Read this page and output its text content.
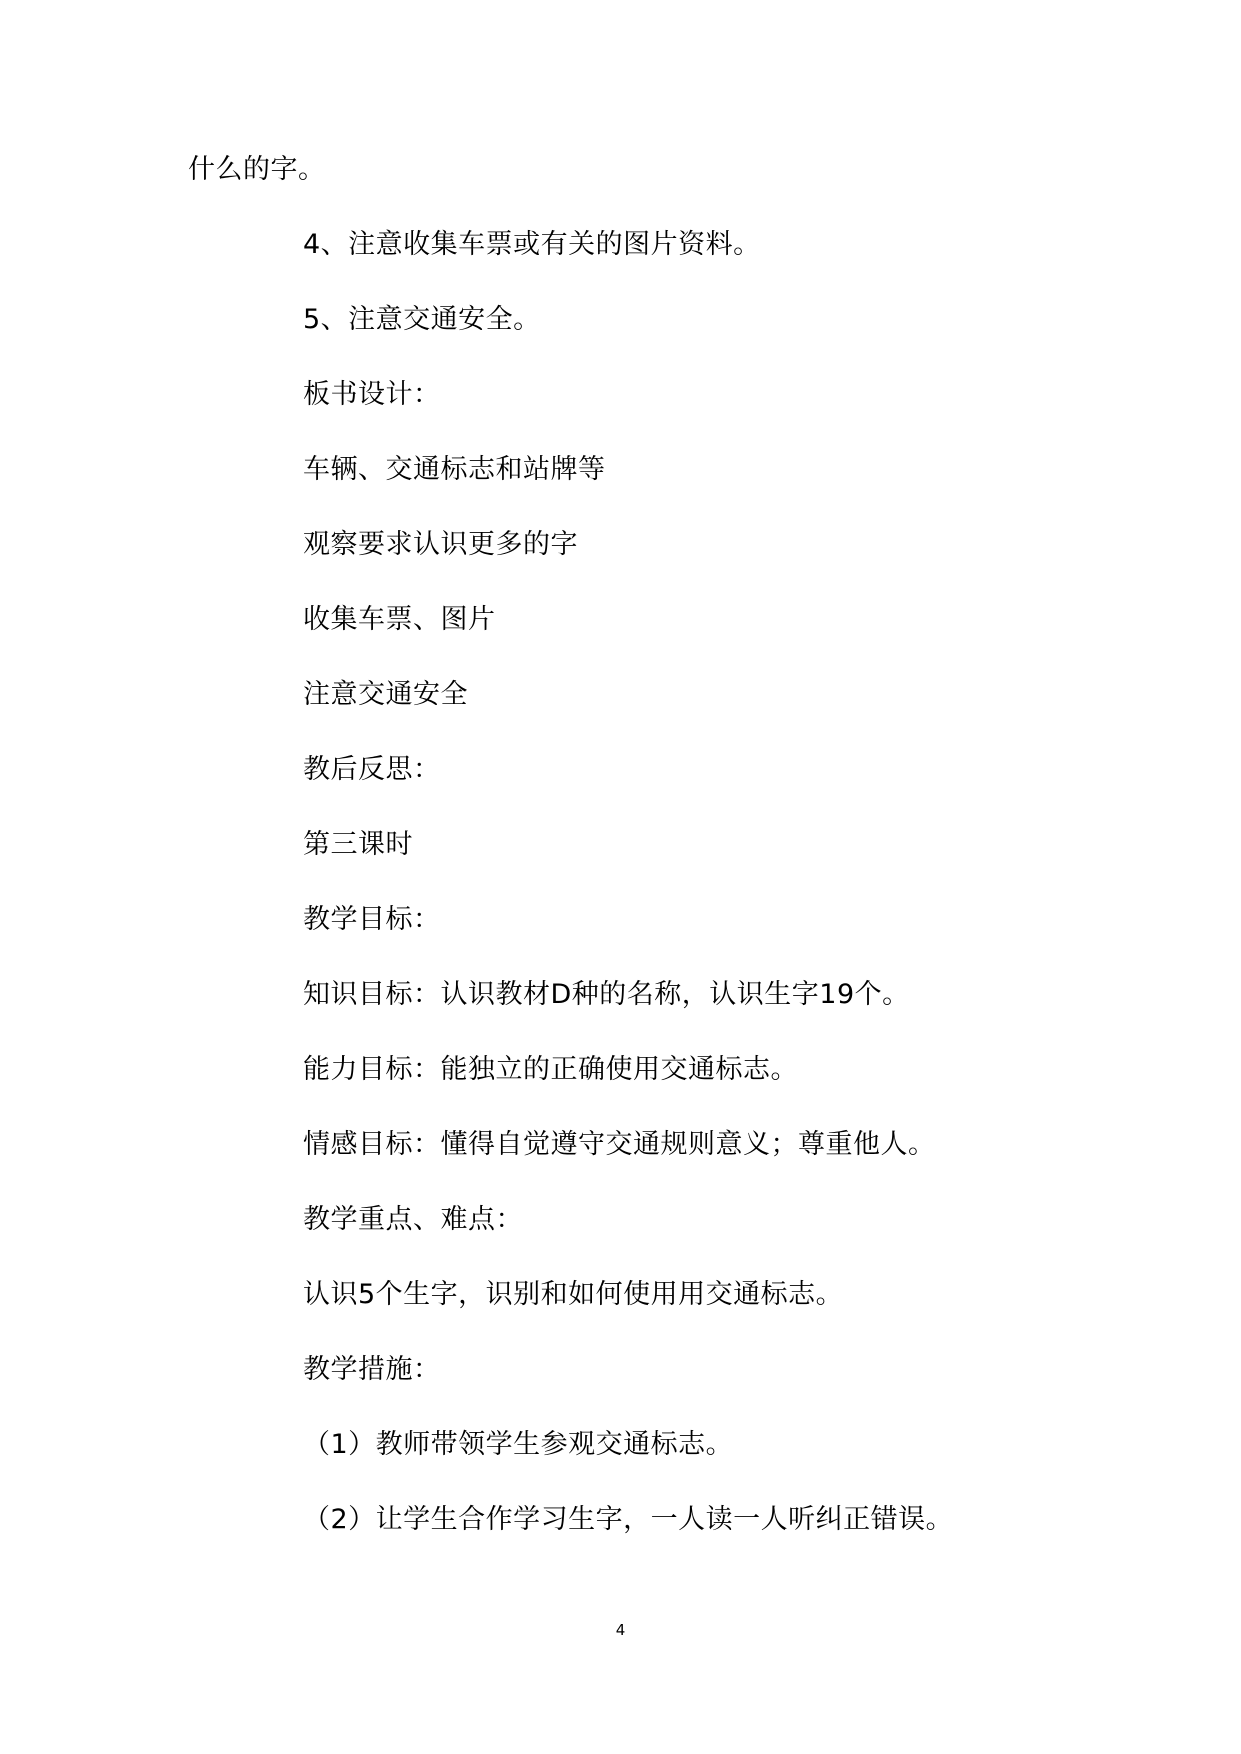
什么的字。
4、注意收集车票或有关的图片资料。
5、注意交通安全。
板书设计：
车辆、交通标志和站牌等
观察要求认识更多的字
收集车票、图片
注意交通安全
教后反思：
第三课时
教学目标：
知识目标：认识教材D种的名称，认识生字19个。
能力目标：能独立的正确使用交通标志。
情感目标：懂得自觉遵守交通规则意义；尊重他人。
教学重点、难点：
认识5个生字，识别和如何使用用交通标志。
教学措施：
（1）教师带领学生参观交通标志。
（2）让学生合作学习生字，一人读一人听纠正错误。
4
